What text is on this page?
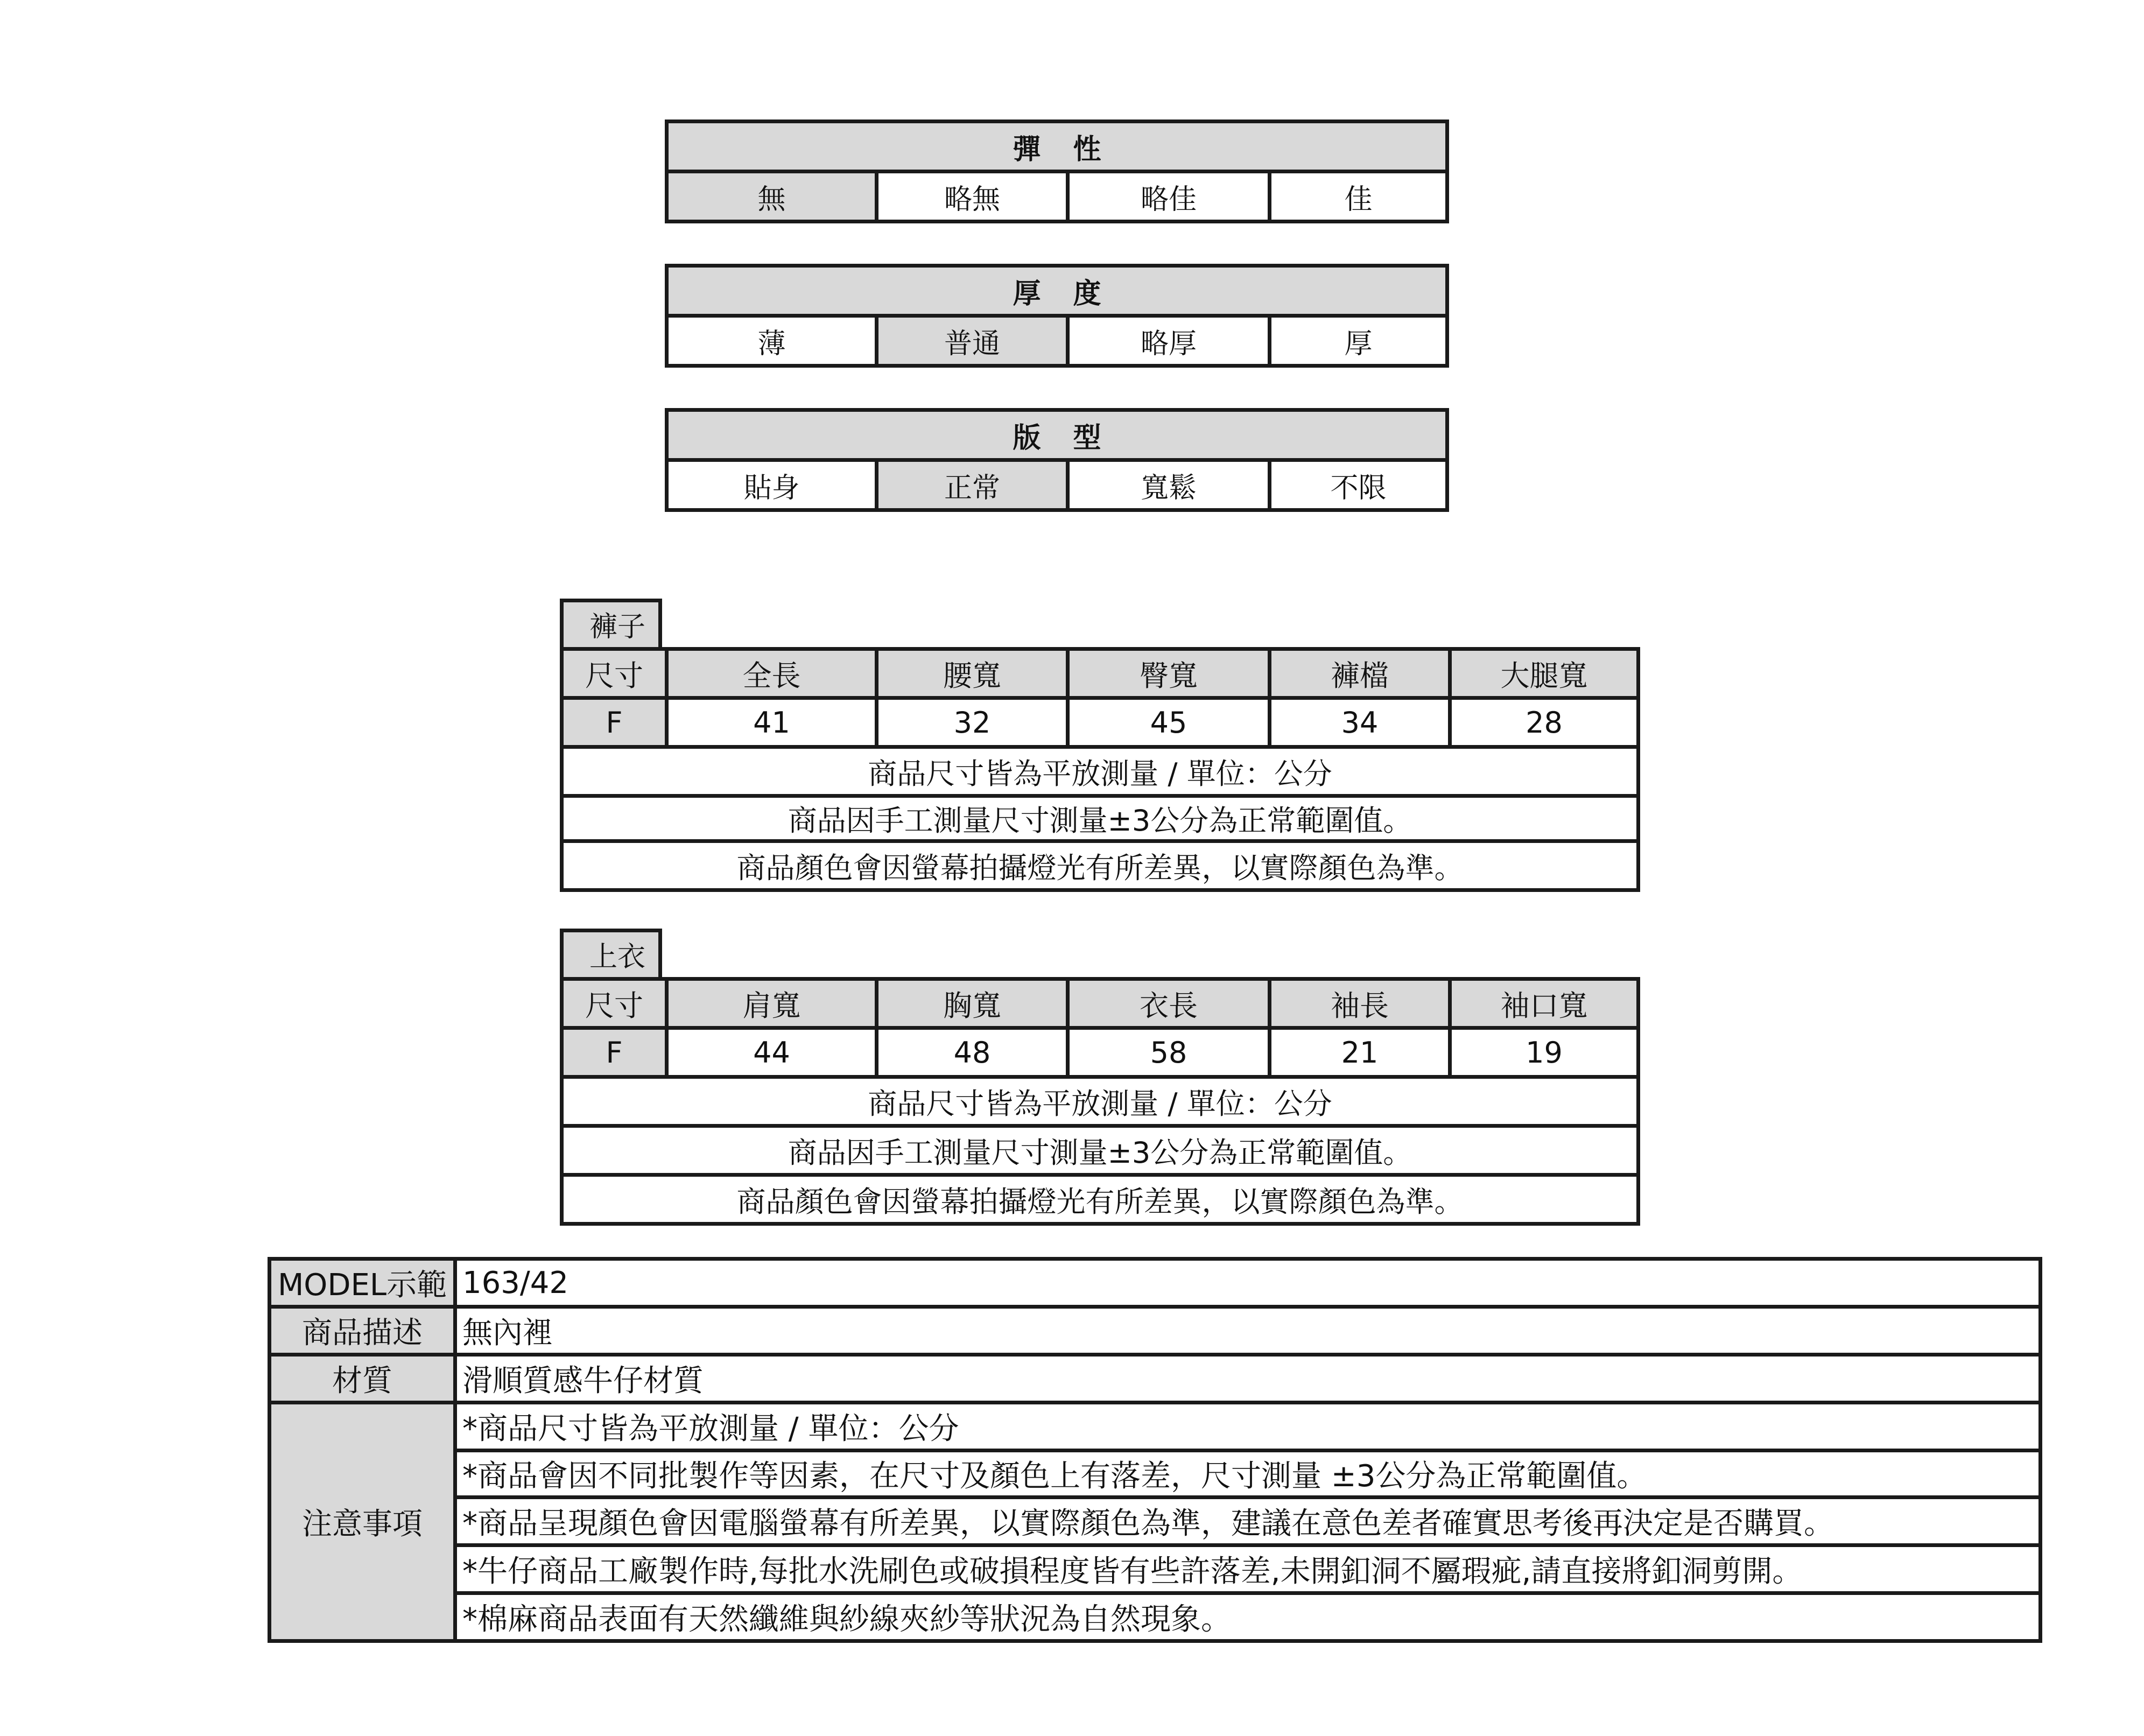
彈性
無	略無	略佳	佳
厚度
薄	普通	略厚	厚
版型
貼身	正常	寬鬆	不限
褲子
尺寸	全長	腰寬	臀寬	褲檔	大腿寬
F	41	32	45	34	28
商品尺寸皆為平放測量 / 單位：公分					
商品因手工測量尺寸測量±3公分為正常範圍值。					
商品顏色會因螢幕拍攝燈光有所差異，以實際顏色為準。					
上衣
尺寸	肩寬	胸寬	衣長	袖長	袖口寬
F	44	48	58	21	19
商品尺寸皆為平放測量 / 單位：公分					
商品因手工測量尺寸測量±3公分為正常範圍值。					
商品顏色會因螢幕拍攝燈光有所差異，以實際顏色為準。					
MODEL示範	163/42
商品描述	無內裡
材質	滑順質感牛仔材質
注意事項	*商品尺寸皆為平放測量 / 單位：公分
	*商品會因不同批製作等因素，在尺寸及顏色上有落差，尺寸測量 ±3公分為正常範圍值。
	*商品呈現顏色會因電腦螢幕有所差異，以實際顏色為準，建議在意色差者確實思考後再決定是否購買。
	*牛仔商品工廠製作時,每批水洗刷色或破損程度皆有些許落差,未開釦洞不屬瑕疵,請直接將釦洞剪開。
	*棉麻商品表面有天然纖維與紗線夾紗等狀況為自然現象。
